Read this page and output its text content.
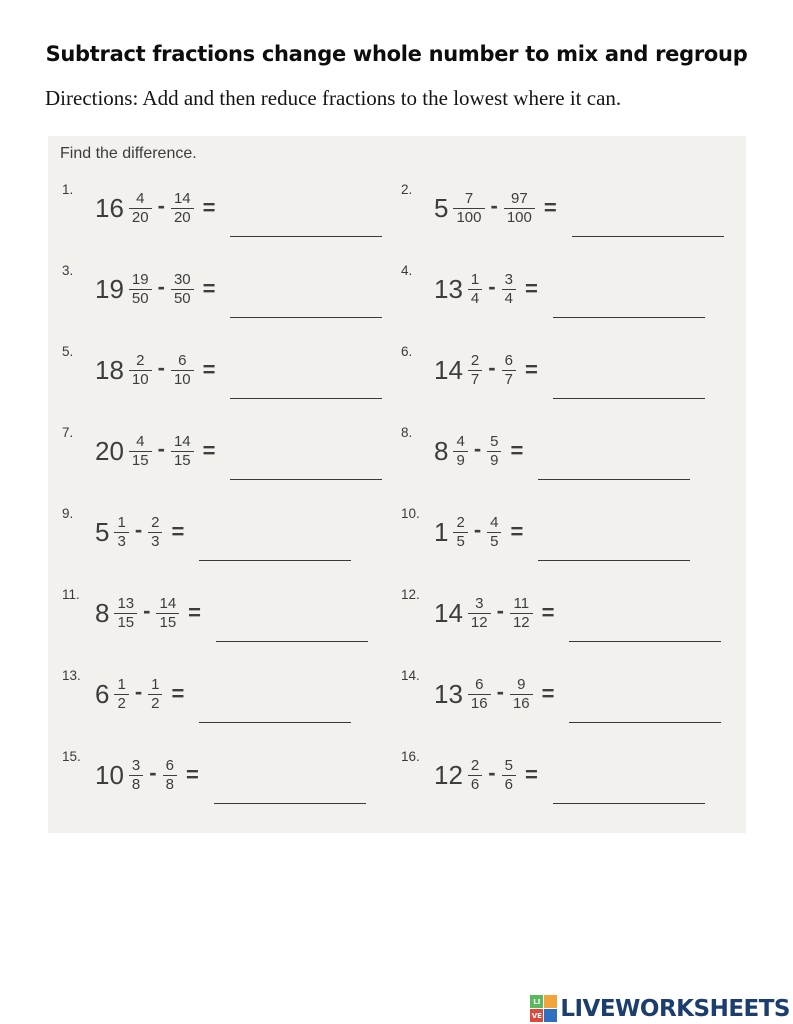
Subtract fractions change whole number to mix and regroup

Directions: Add and then reduce fractions to the lowest where it can.

Find the difference.
1.
$16 \frac{4}{20} - \frac{14}{20}$ =
2.
$5 \frac{7}{100} - \frac{97}{100}$ =
3.
$19 \frac{19}{50} - \frac{30}{50}$ =
4.
$13 \frac{1}{4} - \frac{3}{4}$ =
5.
$18 \frac{2}{10} - \frac{6}{10}$ =
6.
$14 \frac{2}{7} - \frac{6}{7}$ =
7.
$20 \frac{4}{15} - \frac{14}{15}$ =
8.
$8 \frac{4}{9} - \frac{5}{9}$ =
9.
$5 \frac{1}{3} - \frac{2}{3}$ =
10.
$1 \frac{2}{5} - \frac{4}{5}$ =
11.
$8 \frac{13}{15} - \frac{14}{15}$ =
12.
$14 \frac{3}{12} - \frac{11}{12}$ =
13.
$6 \frac{1}{2} - \frac{1}{2}$ =
14.
$13 \frac{6}{16} - \frac{9}{16}$ =
15.
$10 \frac{3}{8} - \frac{6}{8}$ =
16.
$12 \frac{2}{6} - \frac{5}{6}$ =
LI
VE LIVEWORKSHEETS
